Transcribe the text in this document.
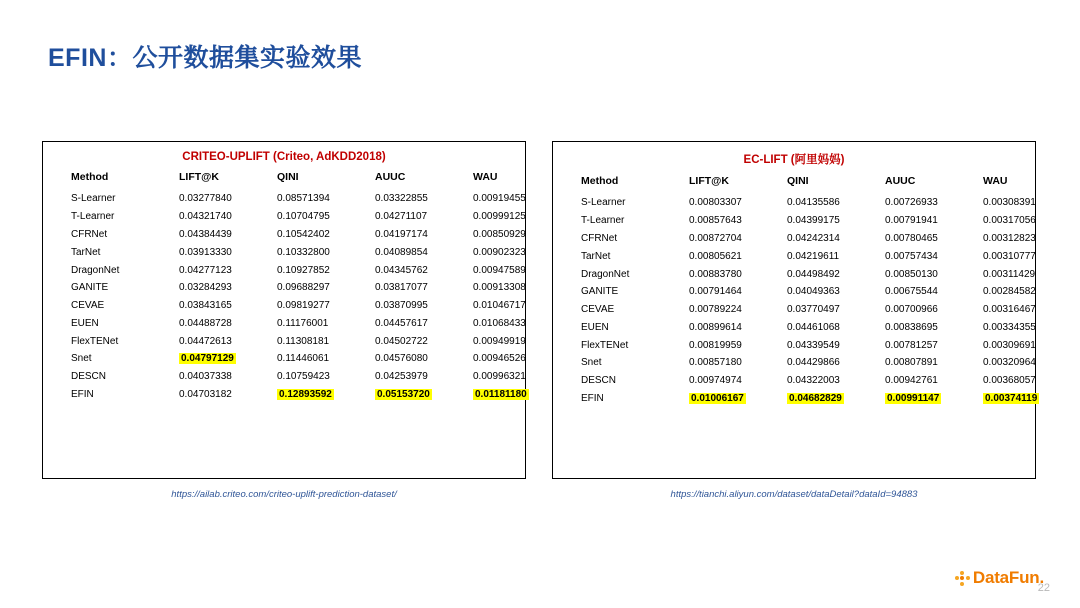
EFIN：公开数据集实验效果
CRITEO-UPLIFT (Criteo, AdKDD2018)
Method	LIFT@K	QINI	AUUC	WAU
S-Learner	0.03277840	0.08571394	0.03322855	0.00919455
T-Learner	0.04321740	0.10704795	0.04271107	0.00999125
CFRNet	0.04384439	0.10542402	0.04197174	0.00850929
TarNet	0.03913330	0.10332800	0.04089854	0.00902323
DragonNet	0.04277123	0.10927852	0.04345762	0.00947589
GANITE	0.03284293	0.09688297	0.03817077	0.00913308
CEVAE	0.03843165	0.09819277	0.03870995	0.01046717
EUEN	0.04488728	0.11176001	0.04457617	0.01068433
FlexTENet	0.04472613	0.11308181	0.04502722	0.00949919
Snet	0.04797129	0.11446061	0.04576080	0.00946526
DESCN	0.04037338	0.10759423	0.04253979	0.00996321
EFIN	0.04703182	0.12893592	0.05153720	0.01181180
https://ailab.criteo.com/criteo-uplift-prediction-dataset/
EC-LIFT (阿里妈妈)
Method	LIFT@K	QINI	AUUC	WAU
S-Learner	0.00803307	0.04135586	0.00726933	0.00308391
T-Learner	0.00857643	0.04399175	0.00791941	0.00317056
CFRNet	0.00872704	0.04242314	0.00780465	0.00312823
TarNet	0.00805621	0.04219611	0.00757434	0.00310777
DragonNet	0.00883780	0.04498492	0.00850130	0.00311429
GANITE	0.00791464	0.04049363	0.00675544	0.00284582
CEVAE	0.00789224	0.03770497	0.00700966	0.00316467
EUEN	0.00899614	0.04461068	0.00838695	0.00334355
FlexTENet	0.00819959	0.04339549	0.00781257	0.00309691
Snet	0.00857180	0.04429866	0.00807891	0.00320964
DESCN	0.00974974	0.04322003	0.00942761	0.00368057
EFIN	0.01006167	0.04682829	0.00991147	0.00374119
https://tianchi.aliyun.com/dataset/dataDetail?dataId=94883
22
DataFun.
